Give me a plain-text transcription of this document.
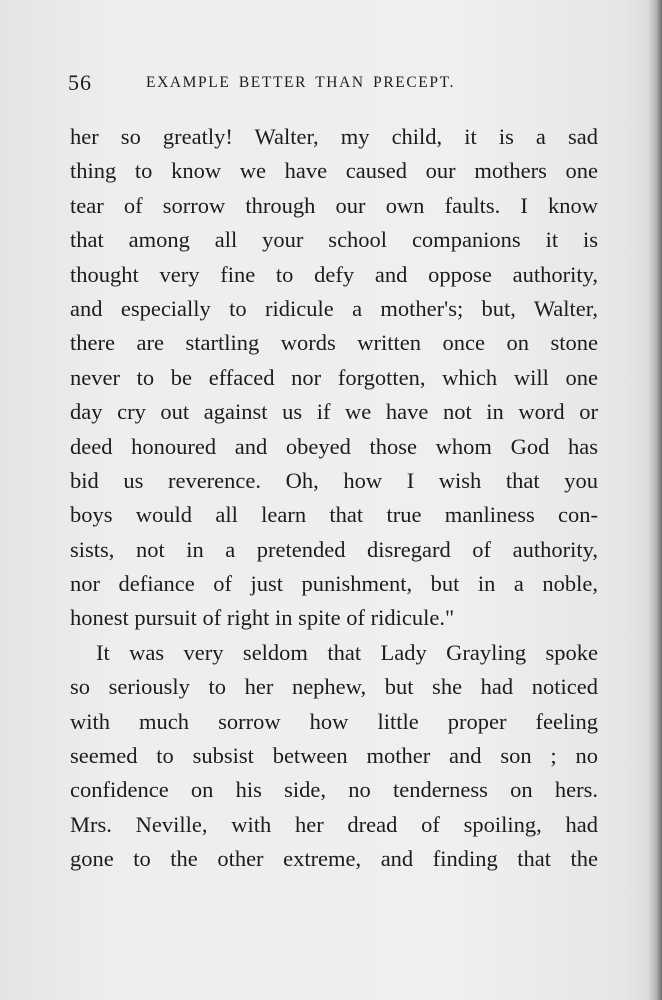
56	EXAMPLE BETTER THAN PRECEPT.
her so greatly! Walter, my child, it is a sad
thing to know we have caused our mothers one
tear of sorrow through our own faults. I know
that among all your school companions it is
thought very fine to defy and oppose authority,
and especially to ridicule a mother's; but, Walter,
there are startling words written once on stone
never to be effaced nor forgotten, which will one
day cry out against us if we have not in word or
deed honoured and obeyed those whom God has
bid us reverence. Oh, how I wish that you
boys would all learn that true manliness con-
sists, not in a pretended disregard of authority,
nor defiance of just punishment, but in a noble,
honest pursuit of right in spite of ridicule."
It was very seldom that Lady Grayling spoke
so seriously to her nephew, but she had noticed
with much sorrow how little proper feeling
seemed to subsist between mother and son ; no
confidence on his side, no tenderness on hers.
Mrs. Neville, with her dread of spoiling, had
gone to the other extreme, and finding that the
